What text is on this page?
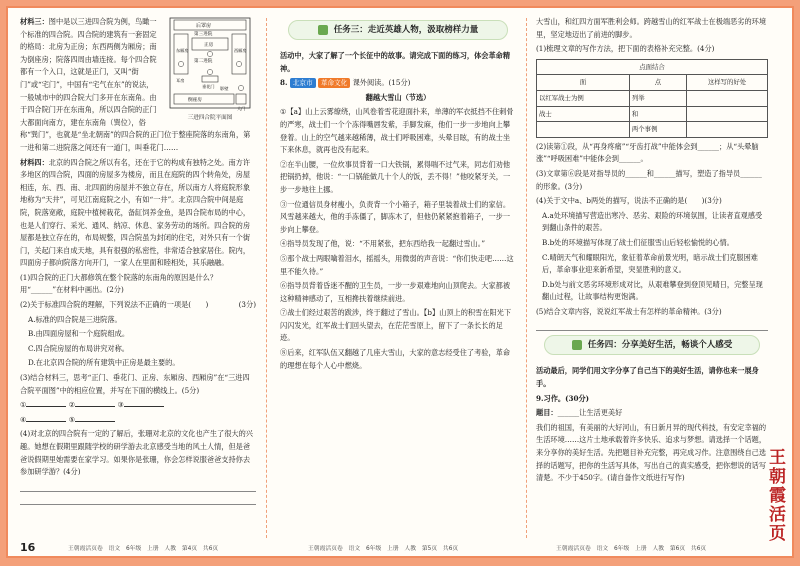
后罩房
第三进院
东厢房	西厢房
第二进院
正房
耳房
垂花门
倒座房
影壁
大门
三进四合院平面图

材料三：图中是以三进四合院为例，鸟瞰一个标准的四合院。四合院的建筑有一套固定的格局：北房为正房；东西两侧为厢房；南为倒座房；院落四周由墙连接。每个四合院都有一个入口，这就是正门，又叫“街门”或“宅门”，中国有“宅气在东”的说法，一般城市中的四合院大门多开在东南角。由于四合院门开在东南角，所以四合院的正门大都面向南方，建在东南角（巽位），俗称“巽门”，也就是“坐北朝南”的四合院的正门位于整座院落的东南角，第一进和第二进院落之间还有一道门，叫垂花门……

材料四：北京的四合院之所以有名，还在于它的构成有独特之处。南方许多地区的四合院，四面的房屋多为楼房，而且在庭院的四个转角处，房屋相连，东、西、南、北四面的房屋并不独立存在，所以南方人将庭院形象地称为“天井”，可见江南庭院之小，有如“一井”。北京四合院中间是庭院，院落宽敞，庭院中植树栽花，备缸饲养金鱼，是四合院布局的中心，也是人们穿行、采光、通风、纳凉、休息、家务劳动的场所。四合院的房屋都是独立存在的，布局规整，四合院虽为封闭的住宅，对外只有一个街门，关起门来自成天地，具有很强的私密性，非常适合独家居住。院内，四面房子都向院落方向开门，一家人在里面和睦相处，其乐融融。

(1)四合院的正门大都修筑在整个院落的东南角的原因是什么？用“______”在材料中画出。(2分)

(2)关于标准四合院的理解，下列说法不正确的一项是(　　)	(3分)

A.标准的四合院是三进院落。

B.由四面房屋和一个庭院组成。

C.四合院房屋的布局讲究对称。

D.在北京四合院的所有建筑中正房是最主要的。

(3)结合材料三，思考“正门、垂花门、正房、东厢房、西厢房”在“三进四合院平面图”中的相应位置，并写在下面的横线上。(5分)

①	②	③

④	⑤

(4)对北京的四合院有一定的了解后，张珊对北京的文化也产生了很大的兴趣。她想在假期里跟随学校的研学游去北京感受当地的风土人情，但是爸爸说假期里她需要在家学习。如果你是张珊，你会怎样说服爸爸支持你去参加研学游？(4分)

16	王朝霞活页卷　语文　6年级　上册　人教　第4页　共6页
任务三：走近英雄人物，汲取榜样力量

活动中，大家了解了一个长征中的故事。请完成下面的练习，体会革命精神。

8. 北京市 革命文化 课外阅读。(15分)

翻越大雪山（节选）

①【a】山上云雾缭绕，山风卷着雪花迎面扑来，单薄的军衣抵挡不住刺骨的严寒，战士们一个个冻得嘴唇发紫，手脚发麻，他们一步一步地向上攀登着。山上的空气越来越稀薄，战士们呼吸困难，头晕目眩，有的战士坐下来休息，就再也没有起来。

②在半山腰，一位炊事员背着一口大铁锅，累得喘不过气来，同志们劝他把锅扔掉，他说：“一口锅能做几十个人的饭，丢不得！”他咬紧牙关，一步一步地往上挪。

③一位通信员身材瘦小，负责背一个小箱子，箱子里装着战士们的家信。风雪越来越大，他的手冻僵了，脚冻木了，但他仍紧紧抱着箱子，一步一步向上攀登。

④指导员发现了他，说：“不用紧张，把东西给我一起翻过雪山。”

⑤那个战士两眼噙着泪水，摇摇头，用微弱的声音说：“你们快走吧……这里不能久待。”

⑥指导员背着昏迷不醒的卫生员，一步一步艰难地向山顶爬去。大家都被这种精神感动了，互相搀扶着继续前进。

⑦战士们经过艰苦的跋涉，终于翻过了雪山。【b】山顶上的积雪在阳光下闪闪发光，红军战士们回头望去，在茫茫雪原上，留下了一条长长的足迹。

⑧后来，红军队伍又翻越了几座大雪山，大家的意志经受住了考验，革命的理想在每个人心中燃烧。

王朝霞活页卷　语文　6年级　上册　人教　第5页　共6页

大雪山，和红四方面军胜利会师。跨越雪山的红军战士在极端恶劣的环境里，坚定地迈出了前进的脚步。

(1)梳理文章的写作方法，把下面的表格补充完整。(4分)

点面结合		
面	点	这样写的好处
以红军战士为例	列举	
战士	和	
	两个事例	

(2)读第①段，从“再身疼痛”“牙齿打战”中能体会到______；从“头晕脑涨”“呼吸困难”中能体会到______。

(3)文章第⑥段是对指导员的______和______描写，塑造了指导员______的形象。(3分)

(4)关于文中a、b两处的描写，说法不正确的是(　　)(3分)

A.a处环境描写营造出寒冷、恶劣、艰险的环境氛围，让读者直观感受到翻山条件的艰苦。

B.b处的环境描写体现了战士们征服雪山后轻松愉悦的心情。

C.晴朗天气和耀眼阳光，象征着革命前景光明，暗示战士们克服困难后，革命事业迎来新希望，突显胜利的意义。

D.b处与前文恶劣环境形成对比，从艰难攀登到登顶见晴日，完整呈现翻山过程，让故事结构更饱满。

(5)结合文章内容，说说红军战士有怎样的革命精神。(3分)

任务四：分享美好生活，畅谈个人感受

活动最后，同学们用文字分享了自己当下的美好生活，请你也来一展身手。

9.习作。(30分)

题目：______让生活更美好

我们的祖国，有美丽的大好河山，有日新月异的现代科技，有安定幸福的生活环境……这片土地承载着许多快乐、追求与梦想。请选择一个话题，来分享你的美好生活。先把题目补充完整，再完成习作。注意围绕自己选择的话题写，把你的生活写具体，写出自己的真实感受，把你想说的话写清楚。不少于450字。(请自备作文纸进行写作)

王朝霞活页卷　语文　6年级　上册　人教　第6页　共6页
王朝霞活页
